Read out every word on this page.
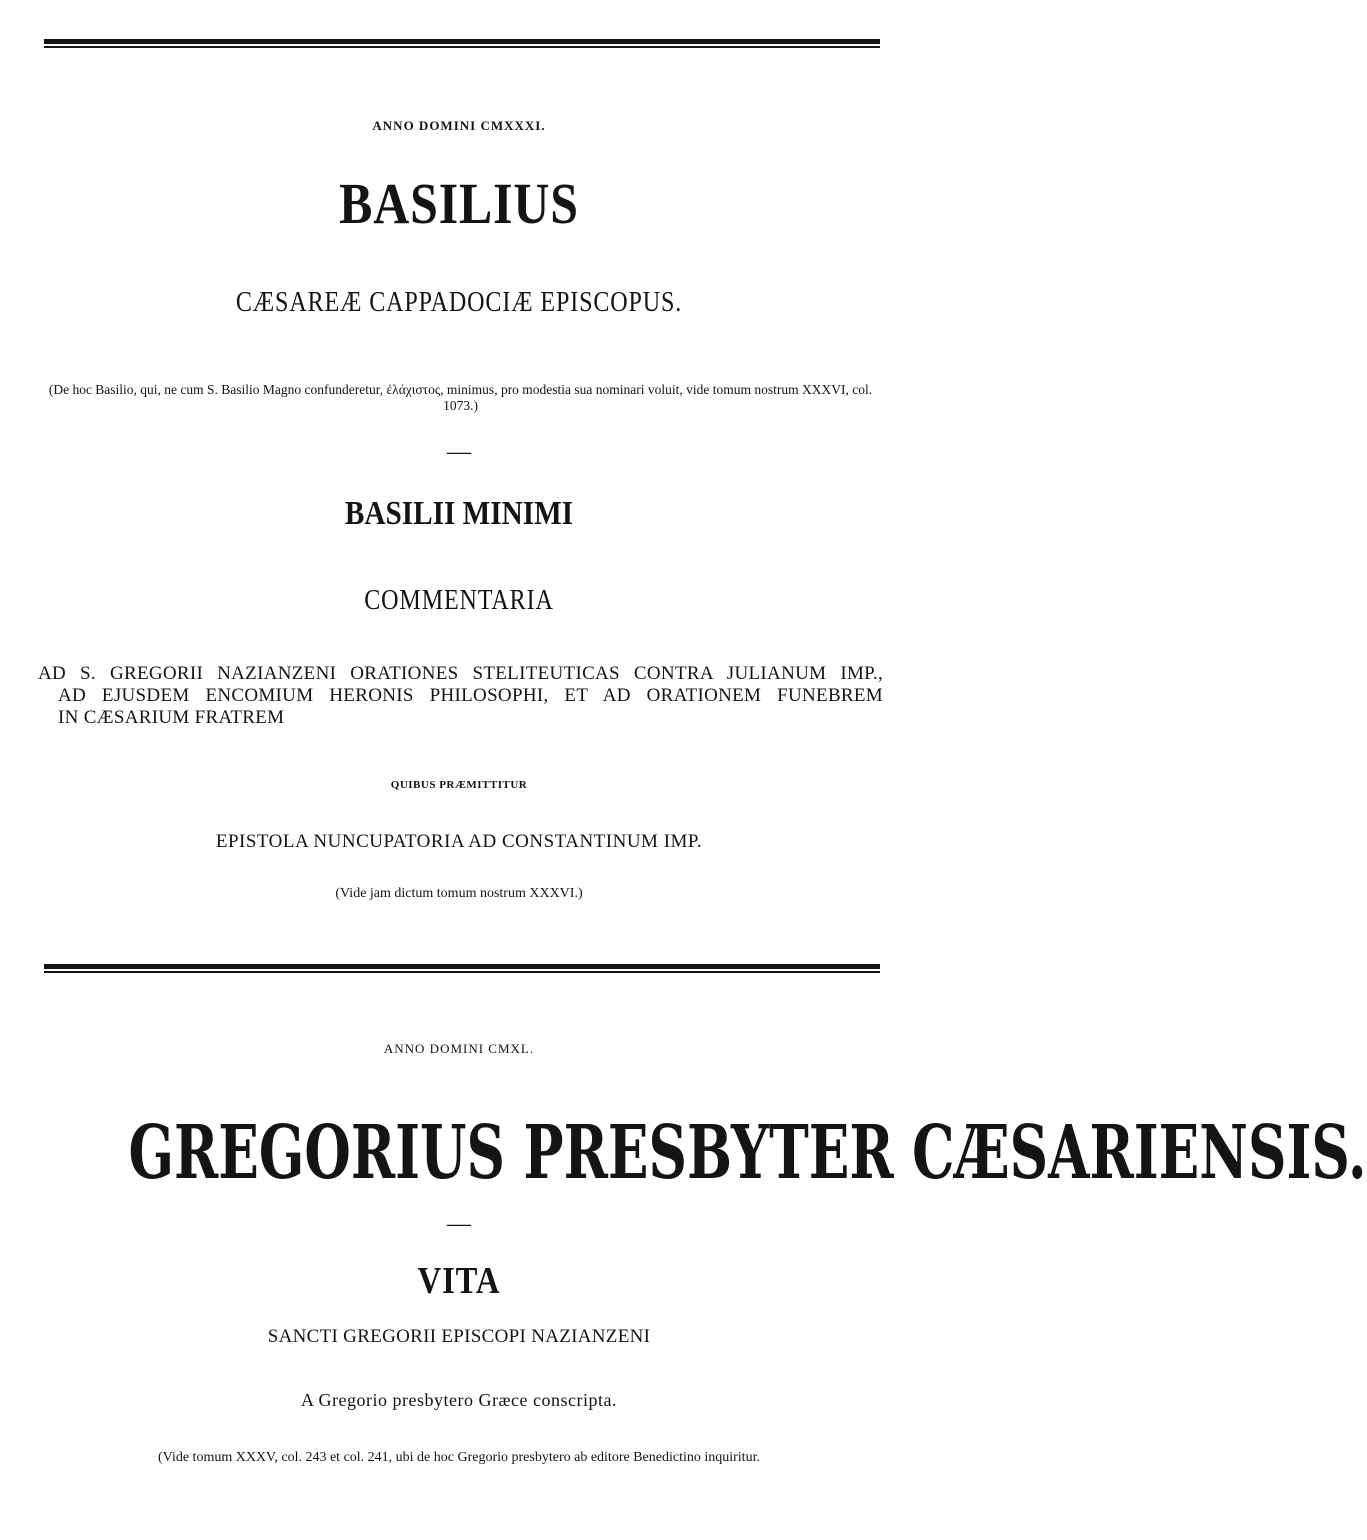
ANNO DOMINI CMXXXI.
BASILIUS
CÆSAREÆ CAPPADOCIÆ EPISCOPUS.
(De hoc Basilio, qui, ne cum S. Basilio Magno confunderetur, ἐλάχιστος, minimus, pro modestia sua nominari voluit, vide tomum nostrum XXXVI, col. 1073.)
—
BASILII MINIMI
COMMENTARIA
AD S. GREGORII NAZIANZENI ORATIONES STELITEUTICAS CONTRA JULIANUM IMP.,
AD EJUSDEM ENCOMIUM HERONIS PHILOSOPHI, ET AD ORATIONEM FUNEBREM
IN CÆSARIUM FRATREM
QUIBUS PRÆMITTITUR
EPISTOLA NUNCUPATORIA AD CONSTANTINUM IMP.
(Vide jam dictum tomum nostrum XXXVI.)
ANNO DOMINI CMXL.
GREGORIUS PRESBYTER CÆSARIENSIS.
—
VITA
SANCTI GREGORII EPISCOPI NAZIANZENI
A Gregorio presbytero Græce conscripta.
(Vide tomum XXXV, col. 243 et col. 241, ubi de hoc Gregorio presbytero ab editore Benedictino inquiritur.
